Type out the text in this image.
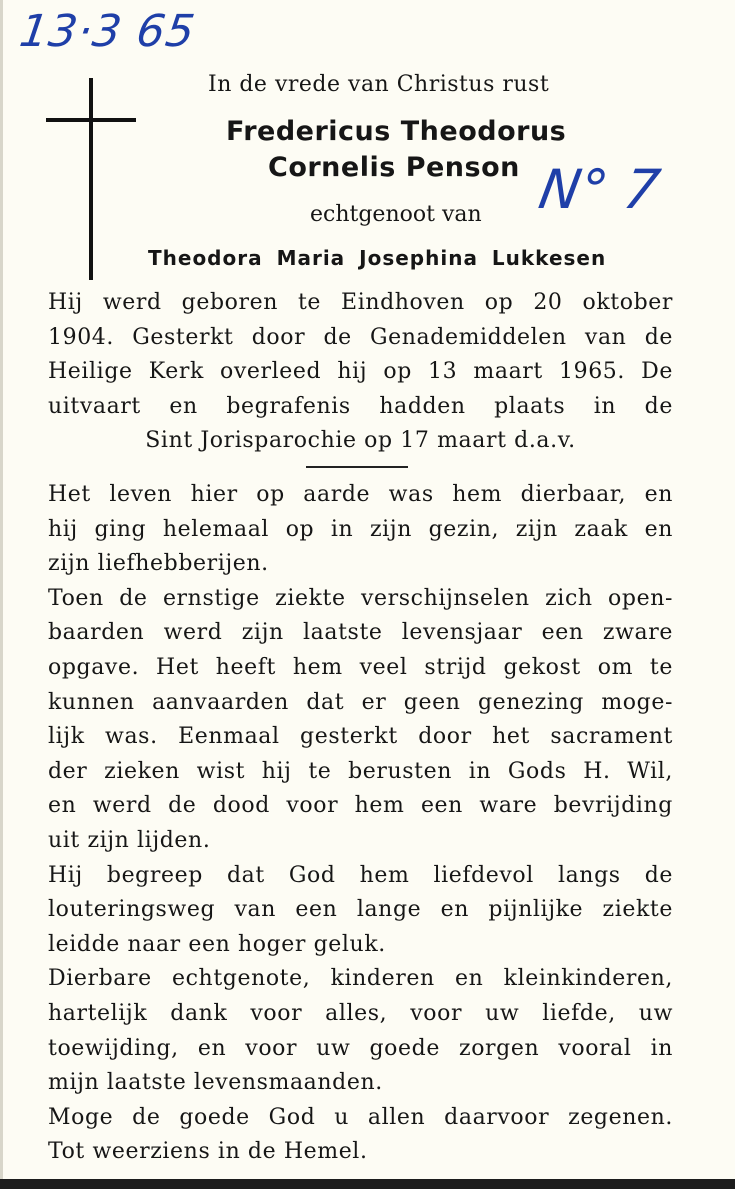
13·3 65
N° 7
In de vrede van Christus rust
Fredericus Theodorus
Cornelis Penson
echtgenoot van
Theodora Maria Josephina Lukkesen
Hij werd geboren te Eindhoven op 20 oktober
1904. Gesterkt door de Genademiddelen van de
Heilige Kerk overleed hij op 13 maart 1965. De
uitvaart en begrafenis hadden plaats in de
Sint Jorisparochie op 17 maart d.a.v.
Het leven hier op aarde was hem dierbaar, en
hij ging helemaal op in zijn gezin, zijn zaak en
zijn liefhebberijen.
Toen de ernstige ziekte verschijnselen zich open-
baarden werd zijn laatste levensjaar een zware
opgave. Het heeft hem veel strijd gekost om te
kunnen aanvaarden dat er geen genezing moge-
lijk was. Eenmaal gesterkt door het sacrament
der zieken wist hij te berusten in Gods H. Wil,
en werd de dood voor hem een ware bevrijding
uit zijn lijden.
Hij begreep dat God hem liefdevol langs de
louteringsweg van een lange en pijnlijke ziekte
leidde naar een hoger geluk.
Dierbare echtgenote, kinderen en kleinkinderen,
hartelijk dank voor alles, voor uw liefde, uw
toewijding, en voor uw goede zorgen vooral in
mijn laatste levensmaanden.
Moge de goede God u allen daarvoor zegenen.
Tot weerziens in de Hemel.
